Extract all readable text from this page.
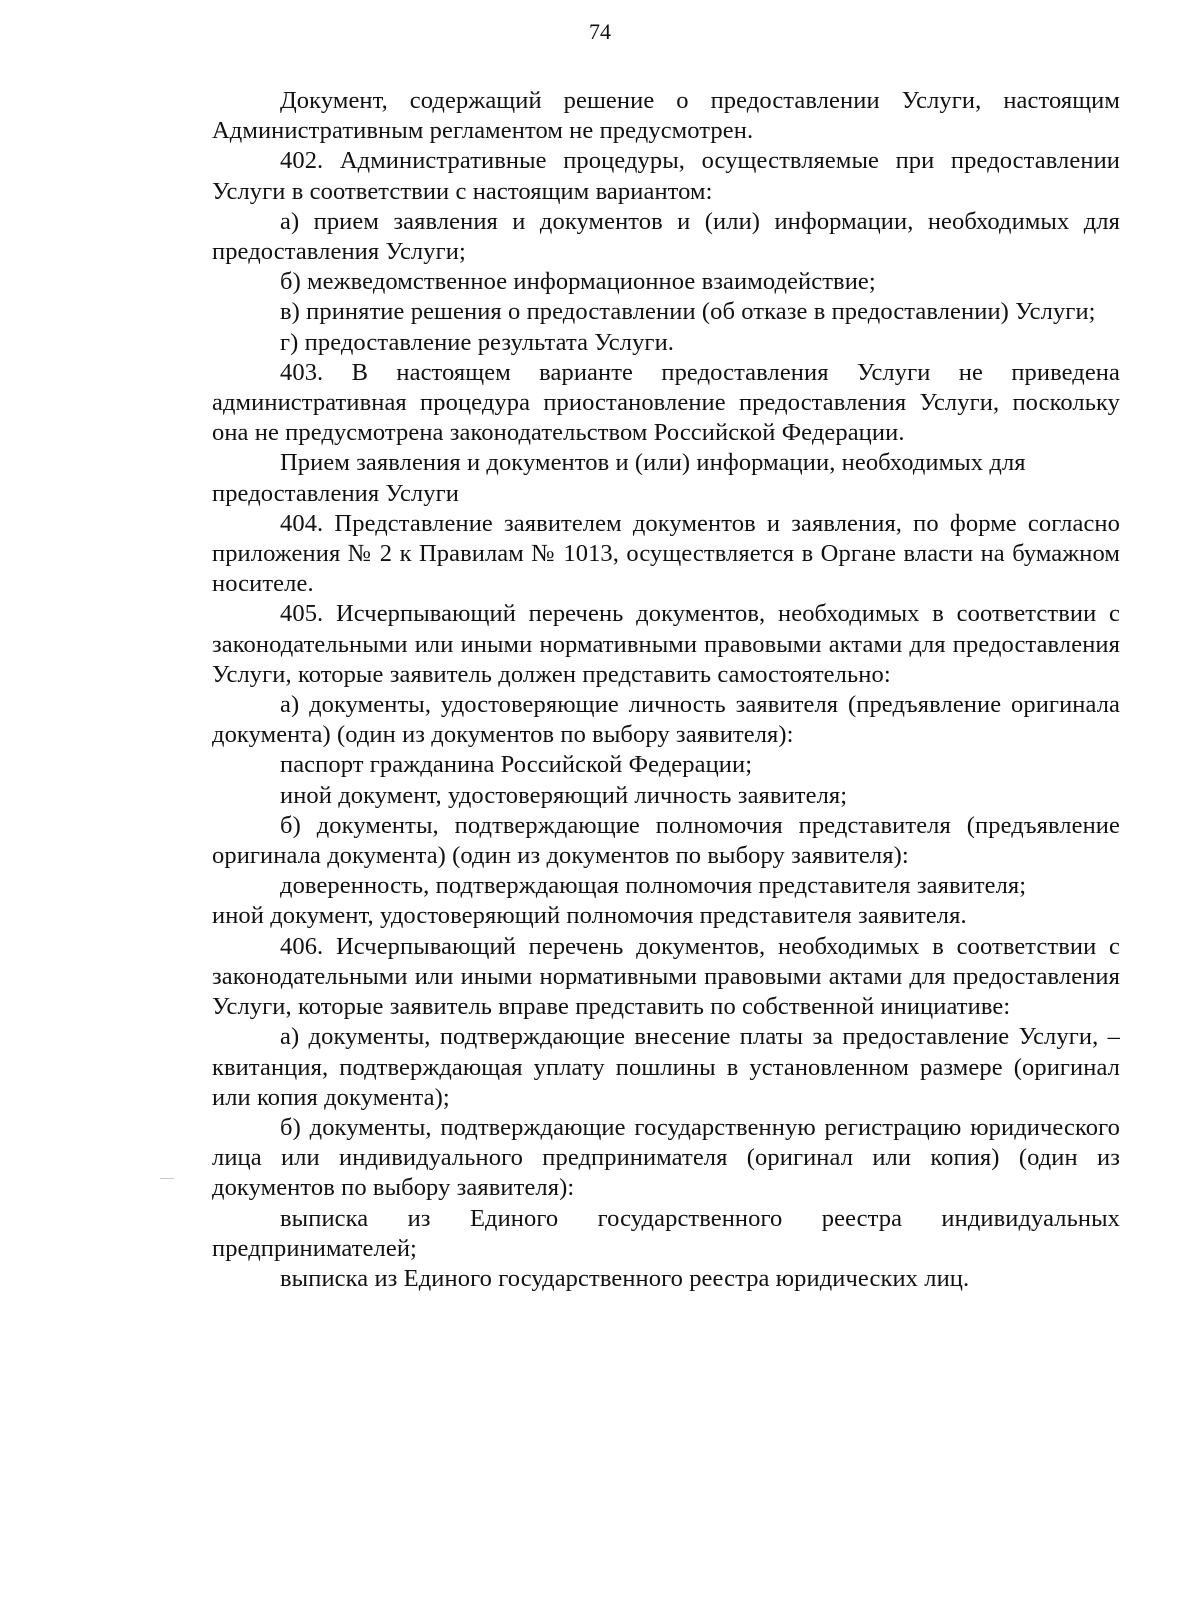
74

Документ, содержащий решение о предоставлении Услуги, настоящим Административным регламентом не предусмотрен.

402. Административные процедуры, осуществляемые при предоставлении Услуги в соответствии с настоящим вариантом:

а) прием заявления и документов и (или) информации, необходимых для предоставления Услуги;

б) межведомственное информационное взаимодействие;

в) принятие решения о предоставлении (об отказе в предоставлении) Услуги;

г) предоставление результата Услуги.

403. В настоящем варианте предоставления Услуги не приведена административная процедура приостановление предоставления Услуги, поскольку она не предусмотрена законодательством Российской Федерации.

Прием заявления и документов и (или) информации, необходимых для предоставления Услуги

404. Представление заявителем документов и заявления, по форме согласно приложения № 2 к Правилам № 1013, осуществляется в Органе власти на бумажном носителе.

405. Исчерпывающий перечень документов, необходимых в соответствии с законодательными или иными нормативными правовыми актами для предоставления Услуги, которые заявитель должен представить самостоятельно:

а) документы, удостоверяющие личность заявителя (предъявление оригинала документа) (один из документов по выбору заявителя):

паспорт гражданина Российской Федерации;

иной документ, удостоверяющий личность заявителя;

б) документы, подтверждающие полномочия представителя (предъявление оригинала документа) (один из документов по выбору заявителя):

доверенность, подтверждающая полномочия представителя заявителя;

иной документ, удостоверяющий полномочия представителя заявителя.

406. Исчерпывающий перечень документов, необходимых в соответствии с законодательными или иными нормативными правовыми актами для предоставления Услуги, которые заявитель вправе представить по собственной инициативе:

а) документы, подтверждающие внесение платы за предоставление Услуги, – квитанция, подтверждающая уплату пошлины в установленном размере (оригинал или копия документа);

б) документы, подтверждающие государственную регистрацию юридического лица или индивидуального предпринимателя (оригинал или копия) (один из документов по выбору заявителя):

выписка из Единого государственного реестра индивидуальных предпринимателей;

выписка из Единого государственного реестра юридических лиц.
